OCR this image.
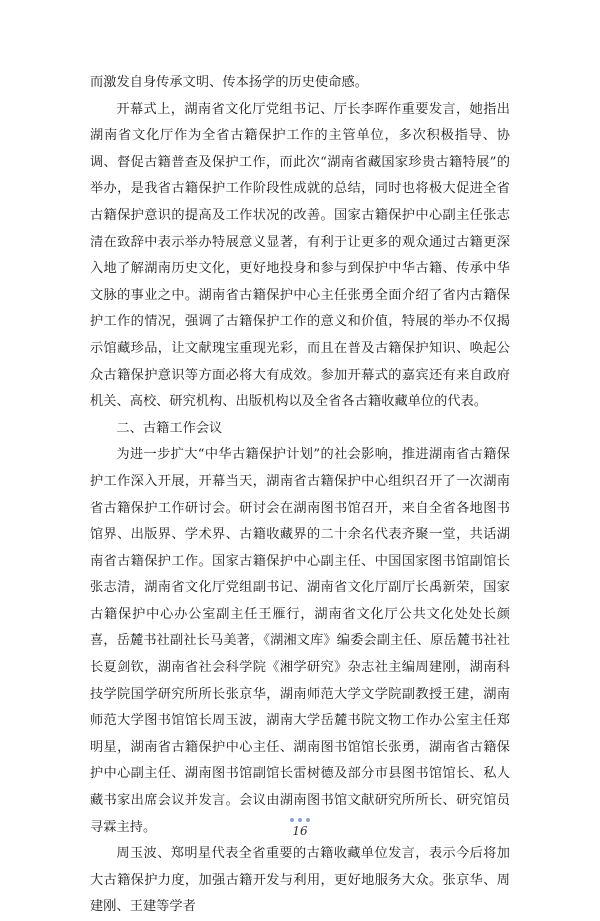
而激发自身传承文明、传本扬学的历史使命感。

开幕式上，湖南省文化厅党组书记、厅长李晖作重要发言，她指出湖南省文化厅作为全省古籍保护工作的主管单位，多次积极指导、协调、督促古籍普查及保护工作，而此次“湖南省藏国家珍贵古籍特展”的举办，是我省古籍保护工作阶段性成就的总结，同时也将极大促进全省古籍保护意识的提高及工作状况的改善。国家古籍保护中心副主任张志清在致辞中表示举办特展意义显著，有利于让更多的观众通过古籍更深入地了解湖南历史文化，更好地投身和参与到保护中华古籍、传承中华文脉的事业之中。湖南省古籍保护中心主任张勇全面介绍了省内古籍保护工作的情况，强调了古籍保护工作的意义和价值，特展的举办不仅揭示馆藏珍品，让文献瑰宝重现光彩，而且在普及古籍保护知识、唤起公众古籍保护意识等方面必将大有成效。参加开幕式的嘉宾还有来自政府机关、高校、研究机构、出版机构以及全省各古籍收藏单位的代表。

二、古籍工作会议

为进一步扩大“中华古籍保护计划”的社会影响，推进湖南省古籍保护工作深入开展，开幕当天，湖南省古籍保护中心组织召开了一次湖南省古籍保护工作研讨会。研讨会在湖南图书馆召开，来自全省各地图书馆界、出版界、学术界、古籍收藏界的二十余名代表齐聚一堂，共话湖南省古籍保护工作。国家古籍保护中心副主任、中国国家图书馆副馆长张志清，湖南省文化厅党组副书记、湖南省文化厅副厅长禹新荣，国家古籍保护中心办公室副主任王雁行，湖南省文化厅公共文化处处长颜喜，岳麓书社副社长马美著，《湖湘文库》编委会副主任、原岳麓书社社长夏剑钦，湖南省社会科学院《湘学研究》杂志社主编周建刚，湖南科技学院国学研究所所长张京华，湖南师范大学文学院副教授王建，湖南师范大学图书馆馆长周玉波，湖南大学岳麓书院文物工作办公室主任郑明星，湖南省古籍保护中心主任、湖南图书馆馆长张勇，湖南省古籍保护中心副主任、湖南图书馆副馆长雷树德及部分市县图书馆馆长、私人藏书家出席会议并发言。会议由湖南图书馆文献研究所所长、研究馆员寻霖主持。

周玉波、郑明星代表全省重要的古籍收藏单位发言，表示今后将加大古籍保护力度，加强古籍开发与利用，更好地服务大众。张京华、周建刚、王建等学者

16
